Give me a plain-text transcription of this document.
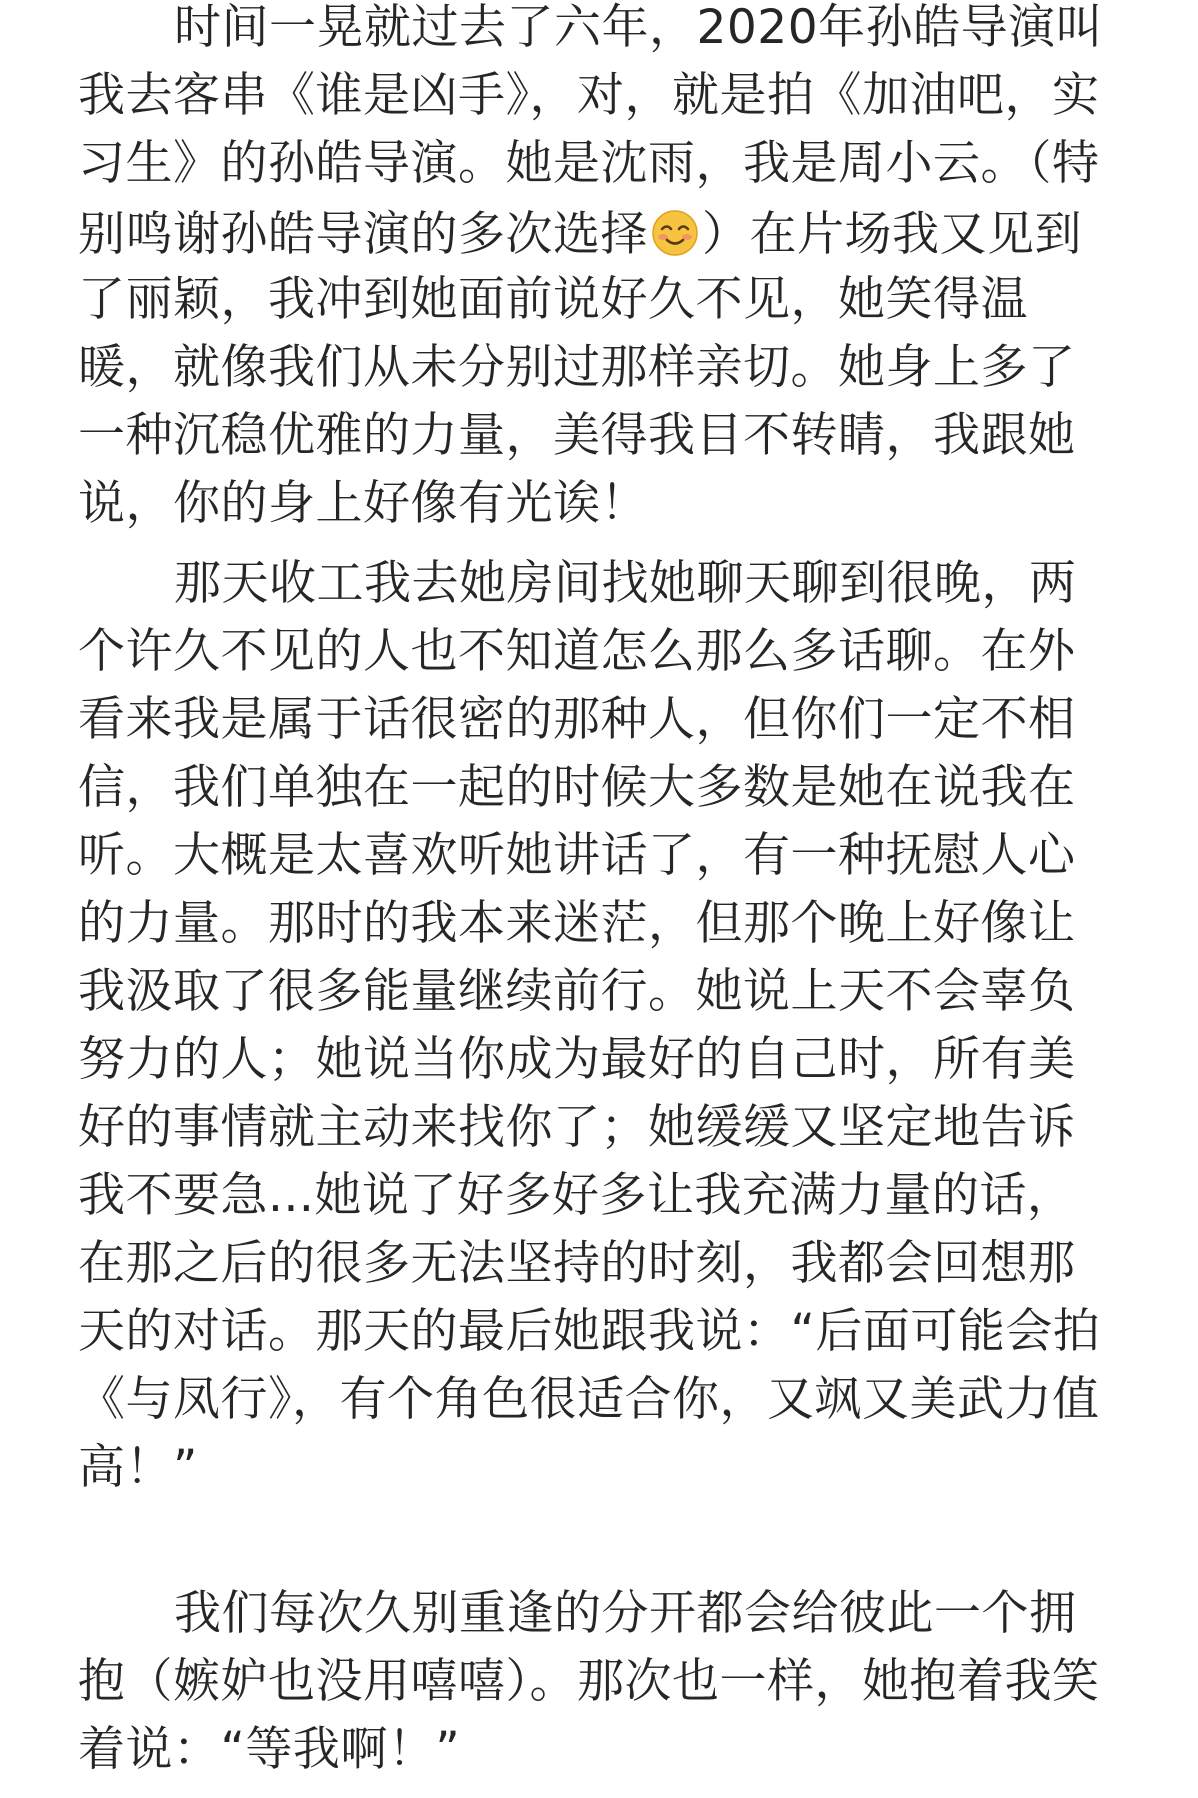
时间一晃就过去了六年，2020年孙皓导演叫
我去客串《谁是凶手》，对，就是拍《加油吧，实
习生》的孙皓导演。她是沈雨，我是周小云。（特
别鸣谢孙皓导演的多次选择 ）在片场我又见到
了丽颖，我冲到她面前说好久不见，她笑得温
暖，就像我们从未分别过那样亲切。她身上多了
一种沉稳优雅的力量，美得我目不转睛，我跟她
说，你的身上好像有光诶！
那天收工我去她房间找她聊天聊到很晚，两
个许久不见的人也不知道怎么那么多话聊。在外
看来我是属于话很密的那种人，但你们一定不相
信，我们单独在一起的时候大多数是她在说我在
听。大概是太喜欢听她讲话了，有一种抚慰人心
的力量。那时的我本来迷茫，但那个晚上好像让
我汲取了很多能量继续前行。她说上天不会辜负
努力的人；她说当你成为最好的自己时，所有美
好的事情就主动来找你了；她缓缓又坚定地告诉
我不要急...她说了好多好多让我充满力量的话，
在那之后的很多无法坚持的时刻，我都会回想那
天的对话。那天的最后她跟我说：“后面可能会拍
《与凤行》，有个角色很适合你，又飒又美武力值
高！”
我们每次久别重逢的分开都会给彼此一个拥
抱（嫉妒也没用嘻嘻）。那次也一样，她抱着我笑
着说：“等我啊！”
